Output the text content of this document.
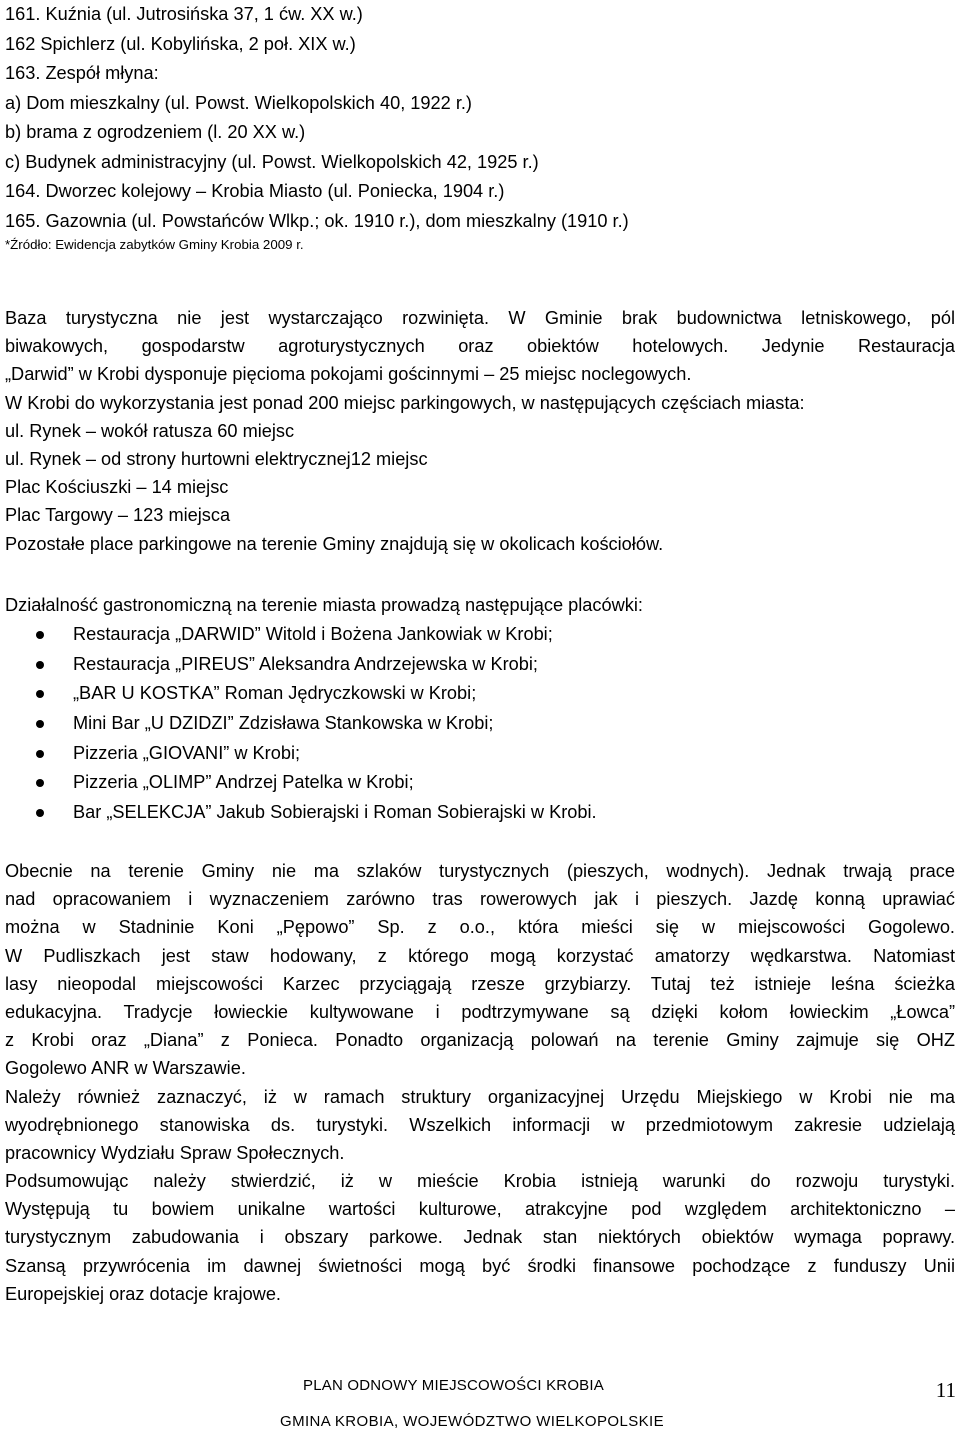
161. Kuźnia (ul. Jutrosińska 37, 1 ćw. XX w.)
162 Spichlerz (ul. Kobylińska, 2 poł. XIX w.)
163. Zespół młyna:
a) Dom mieszkalny (ul. Powst. Wielkopolskich 40, 1922 r.)
b) brama z ogrodzeniem (l. 20 XX w.)
c) Budynek administracyjny (ul. Powst. Wielkopolskich 42, 1925 r.)
164. Dworzec kolejowy – Krobia Miasto (ul. Poniecka, 1904 r.)
165. Gazownia (ul. Powstańców Wlkp.; ok. 1910 r.), dom mieszkalny (1910 r.)
*Źródło: Ewidencja zabytków Gminy Krobia 2009 r.
Baza turystyczna nie jest wystarczająco rozwinięta. W Gminie brak budownictwa letniskowego, pól
biwakowych, gospodarstw agroturystycznych oraz obiektów hotelowych. Jedynie Restauracja
„Darwid” w Krobi dysponuje pięcioma pokojami gościnnymi – 25 miejsc noclegowych.
W Krobi do wykorzystania jest ponad 200 miejsc parkingowych, w następujących częściach miasta:
ul. Rynek – wokół ratusza 60 miejsc
ul. Rynek – od strony hurtowni elektrycznej12 miejsc
Plac Kościuszki – 14 miejsc
Plac Targowy – 123 miejsca
Pozostałe place parkingowe na terenie Gminy znajdują się w okolicach kościołów.
Działalność gastronomiczną na terenie miasta prowadzą następujące placówki:
Restauracja „DARWID” Witold i Bożena Jankowiak w Krobi;
Restauracja „PIREUS” Aleksandra Andrzejewska w Krobi;
„BAR U KOSTKA” Roman Jędryczkowski w Krobi;
Mini Bar „U DZIDZI” Zdzisława Stankowska w Krobi;
Pizzeria „GIOVANI” w Krobi;
Pizzeria „OLIMP” Andrzej Patelka w Krobi;
Bar „SELEKCJA” Jakub Sobierajski i Roman Sobierajski w Krobi.
Obecnie na terenie Gminy nie ma szlaków turystycznych (pieszych, wodnych). Jednak trwają prace
nad opracowaniem i wyznaczeniem zarówno tras rowerowych jak i pieszych. Jazdę konną uprawiać
można w Stadninie Koni „Pępowo” Sp. z o.o., która mieści się w miejscowości Gogolewo.
W Pudliszkach jest staw hodowany, z którego mogą korzystać amatorzy wędkarstwa. Natomiast
lasy nieopodal miejscowości Karzec przyciągają rzesze grzybiarzy. Tutaj też istnieje leśna ścieżka
edukacyjna. Tradycje łowieckie kultywowane i podtrzymywane są dzięki kołom łowieckim „Łowca”
z Krobi oraz „Diana” z Ponieca. Ponadto organizacją polowań na terenie Gminy zajmuje się OHZ
Gogolewo ANR w Warszawie.
Należy również zaznaczyć, iż w ramach struktury organizacyjnej Urzędu Miejskiego w Krobi nie ma
wyodrębnionego stanowiska ds. turystyki. Wszelkich informacji w przedmiotowym zakresie udzielają
pracownicy Wydziału Spraw Społecznych.
Podsumowując należy stwierdzić, iż w mieście Krobia istnieją warunki do rozwoju turystyki.
Występują tu bowiem unikalne wartości kulturowe, atrakcyjne pod względem architektoniczno –
turystycznym zabudowania i obszary parkowe. Jednak stan niektórych obiektów wymaga poprawy.
Szansą przywrócenia im dawnej świetności mogą być środki finansowe pochodzące z funduszy Unii
Europejskiej oraz dotacje krajowe.
PLAN ODNOWY MIEJSCOWOŚCI KROBIA
GMINA KROBIA, WOJEWÓDZTWO WIELKOPOLSKIE
11
